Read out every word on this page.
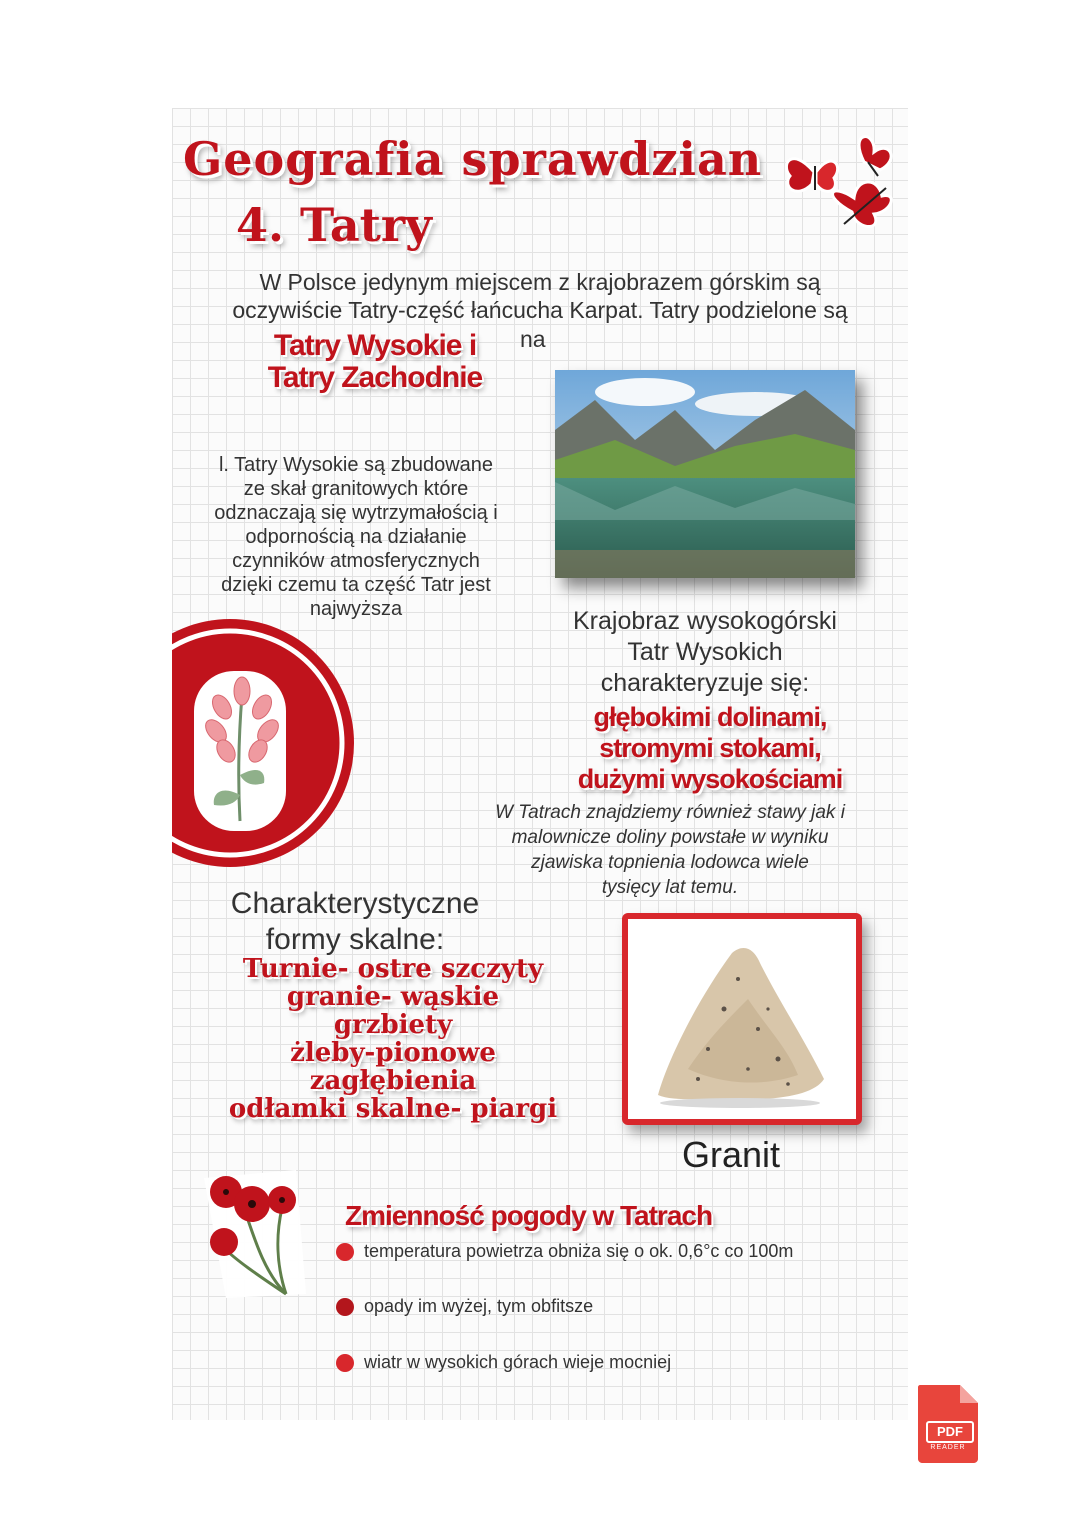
Geografia sprawdzian
4. Tatry
W Polsce jedynym miejscem z krajobrazem górskim są
oczywiście Tatry-część łańcucha Karpat. Tatry podzielone są
na
Tatry Wysokie i
Tatry Zachodnie
l. Tatry Wysokie są zbudowane
ze skał granitowych które
odznaczają się wytrzymałością i
odpornością na działanie
czynników atmosferycznych
dzięki czemu ta część Tatr jest
najwyższa	Krajobraz wysokogórski
Tatr Wysokich
charakteryzuje się:
głębokimi dolinami,
stromymi stokami,
dużymi wysokościami
W Tatrach znajdziemy również stawy jak i
malownicze doliny powstałe w wyniku
zjawiska topnienia lodowca wiele
tysięcy lat temu.
Charakterystyczne
formy skalne:
Turnie- ostre szczyty
granie- wąskie
grzbiety
żleby-pionowe
zagłębienia
odłamki skalne- piargi
Granit
Zmienność pogody w Tatrach
temperatura powietrza obniża się o ok. 0,6°c co 100m
opady im wyżej, tym obfitsze
wiatr w wysokich górach wieje mocniej
PDF
READER
